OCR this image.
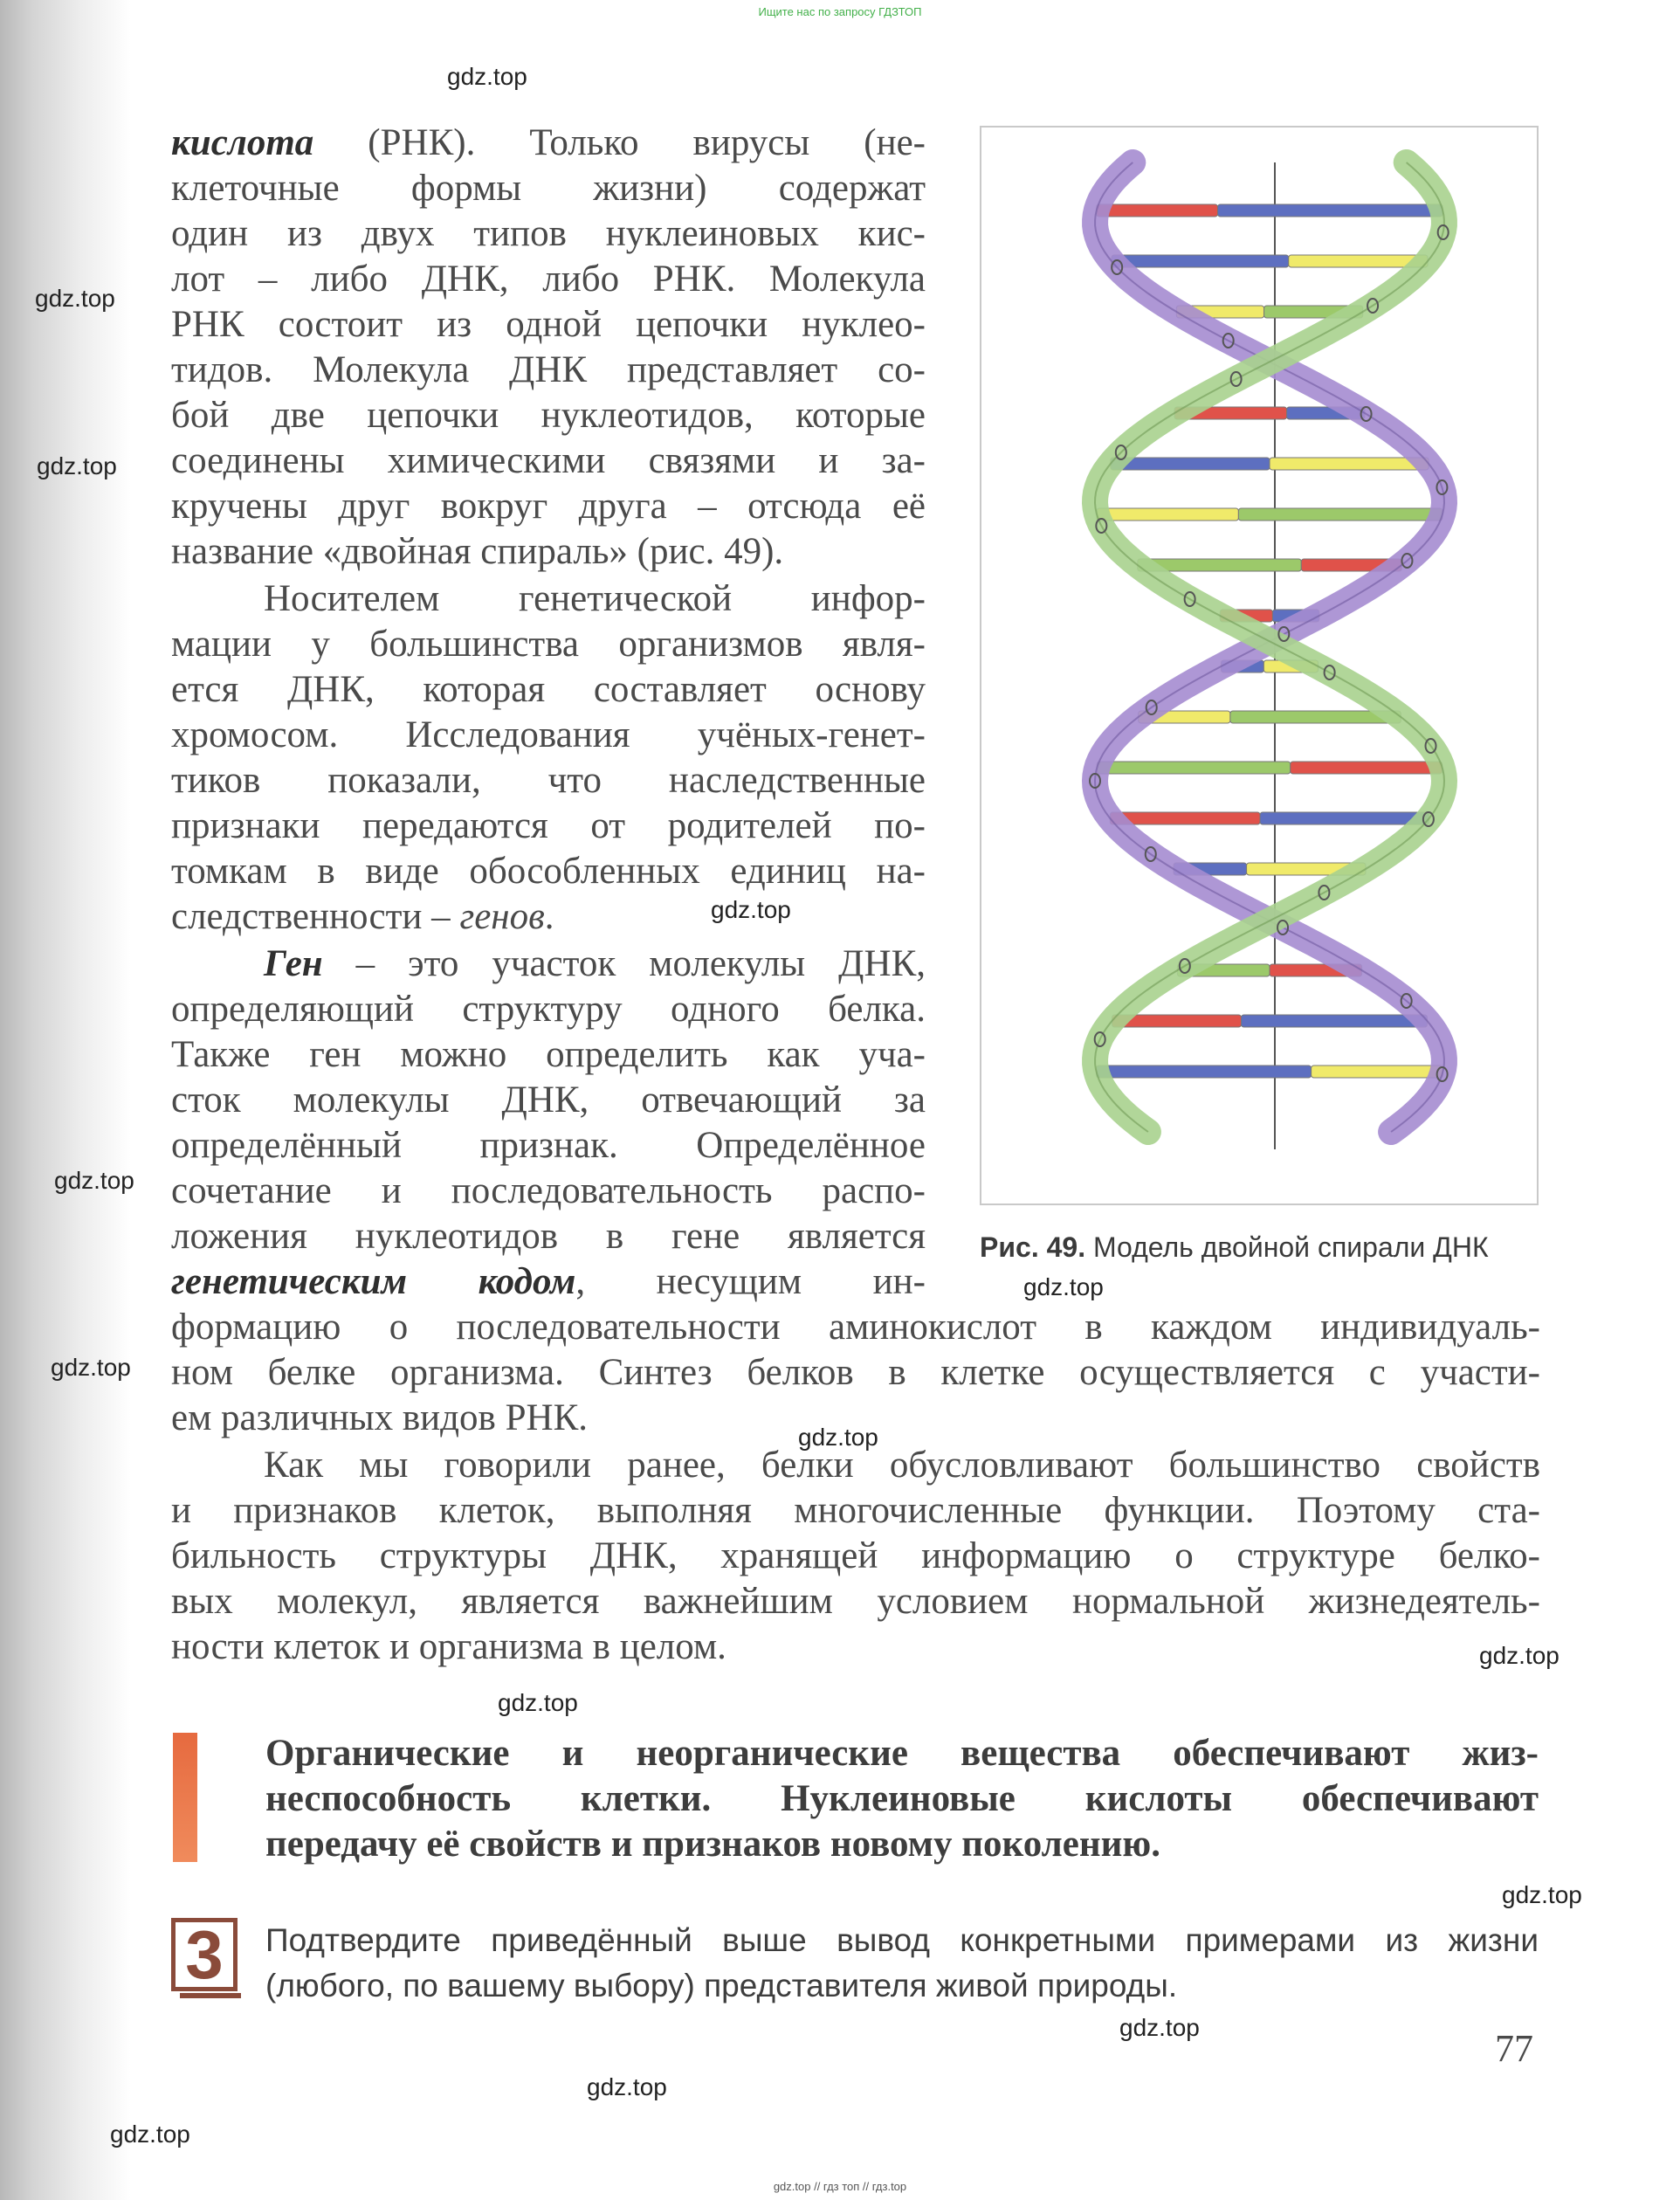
Ищите нас по запросу ГДЗТОП
gdz.top
gdz.top
gdz.top
gdz.top
gdz.top
gdz.top
gdz.top
gdz.top
gdz.top
gdz.top
gdz.top
gdz.top
gdz.top
gdz.top
кислота (РНК). Только вирусы (не-
клеточные формы жизни) содержат
один из двух типов нуклеиновых кис-
лот – либо ДНК, либо РНК. Молекула
РНК состоит из одной цепочки нуклео-
тидов. Молекула ДНК представляет со-
бой две цепочки нуклеотидов, которые
соединены химическими связями и за-
кручены друг вокруг друга – отсюда её
название «двойная спираль» (рис. 49).
Носителем генетической инфор-
мации у большинства организмов явля-
ется ДНК, которая составляет основу
хромосом. Исследования учёных-генет-
тиков показали, что наследственные
признаки передаются от родителей по-
томкам в виде обособленных единиц на-
следственности – генов.
Ген – это участок молекулы ДНК,
определяющий структуру одного белка.
Также ген можно определить как уча-
сток молекулы ДНК, отвечающий за
определённый признак. Определённое
сочетание и последовательность распо-
ложения нуклеотидов в гене является
генетическим кодом, несущим ин-
формацию о последовательности аминокислот в каждом индивидуаль-
ном белке организма. Синтез белков в клетке осуществляется с участи-
ем различных видов РНК.
Как мы говорили ранее, белки обусловливают большинство свойств
и признаков клеток, выполняя многочисленные функции. Поэтому ста-
бильность структуры ДНК, хранящей информацию о структуре белко-
вых молекул, является важнейшим условием нормальной жизнедеятель-
ности клеток и организма в целом.
Рис. 49. Модель двойной спирали ДНК
Органические и неорганические вещества обеспечивают жиз-
неспособность клетки. Нуклеиновые кислоты обеспечивают
передачу её свойств и признаков новому поколению.
3	Подтвердите приведённый выше вывод конкретными примерами из жизни
(любого, по вашему выбору) представителя живой природы.
77
gdz.top // гдз топ // гдз.top
